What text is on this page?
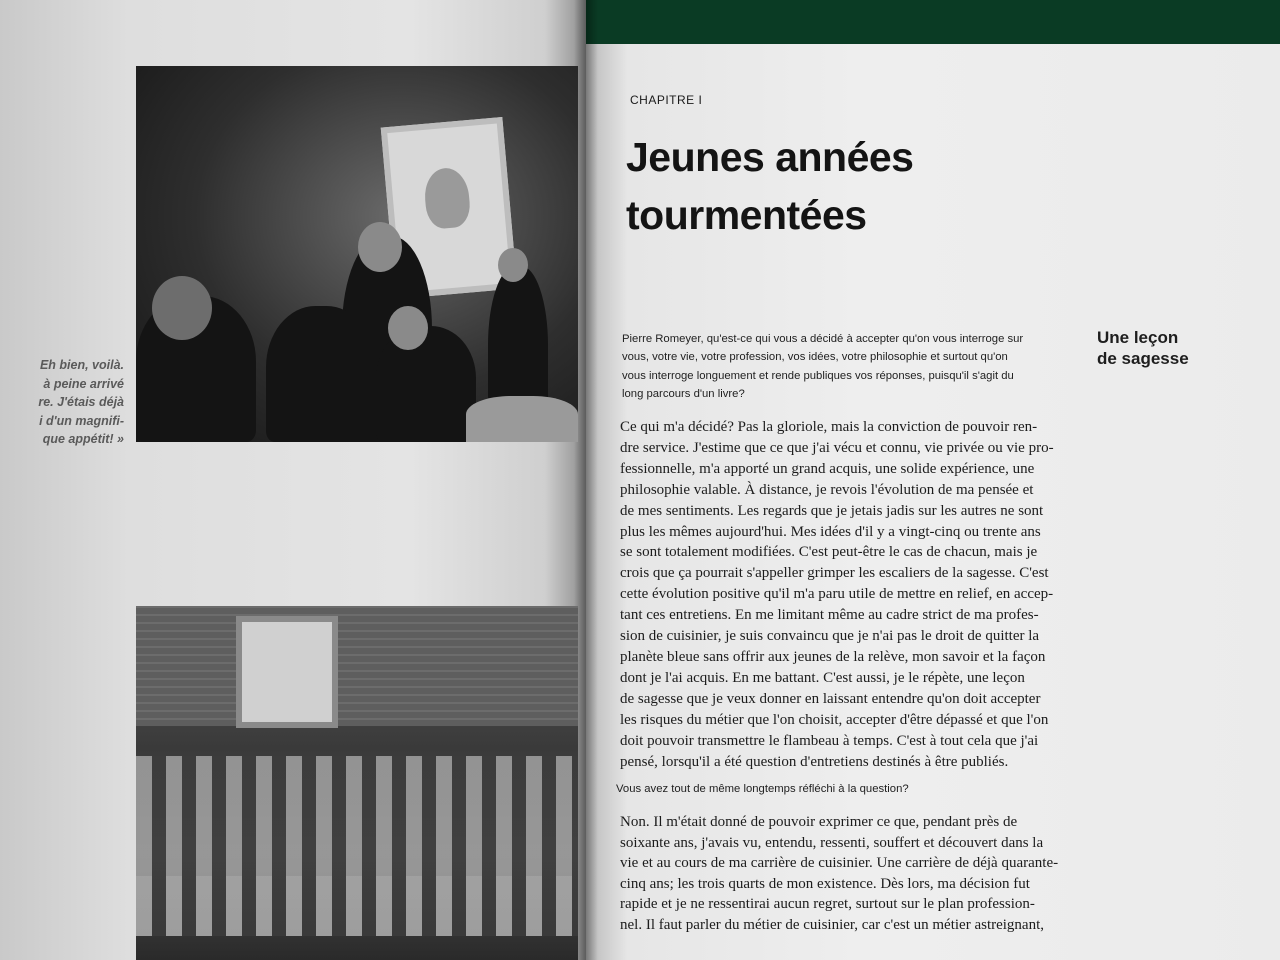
Eh bien, voilà.
à peine arrivé
re. J'étais déjà
i d'un magnifi-
que appétit! »
CHAPITRE I
Jeunes années
tourmentées
Une leçon
de sagesse
Pierre Romeyer, qu'est-ce qui vous a décidé à accepter qu'on vous interroge sur
vous, votre vie, votre profession, vos idées, votre philosophie et surtout qu'on
vous interroge longuement et rende publiques vos réponses, puisqu'il s'agit du
long parcours d'un livre?
Ce qui m'a décidé? Pas la gloriole, mais la conviction de pouvoir ren-
dre service. J'estime que ce que j'ai vécu et connu, vie privée ou vie pro-
fessionnelle, m'a apporté un grand acquis, une solide expérience, une
philosophie valable. À distance, je revois l'évolution de ma pensée et
de mes sentiments. Les regards que je jetais jadis sur les autres ne sont
plus les mêmes aujourd'hui. Mes idées d'il y a vingt-cinq ou trente ans
se sont totalement modifiées. C'est peut-être le cas de chacun, mais je
crois que ça pourrait s'appeller grimper les escaliers de la sagesse. C'est
cette évolution positive qu'il m'a paru utile de mettre en relief, en accep-
tant ces entretiens. En me limitant même au cadre strict de ma profes-
sion de cuisinier, je suis convaincu que je n'ai pas le droit de quitter la
planète bleue sans offrir aux jeunes de la relève, mon savoir et la façon
dont je l'ai acquis. En me battant. C'est aussi, je le répète, une leçon
de sagesse que je veux donner en laissant entendre qu'on doit accepter
les risques du métier que l'on choisit, accepter d'être dépassé et que l'on
doit pouvoir transmettre le flambeau à temps. C'est à tout cela que j'ai
pensé, lorsqu'il a été question d'entretiens destinés à être publiés.
Vous avez tout de même longtemps réfléchi à la question?
Non. Il m'était donné de pouvoir exprimer ce que, pendant près de
soixante ans, j'avais vu, entendu, ressenti, souffert et découvert dans la
vie et au cours de ma carrière de cuisinier. Une carrière de déjà quarante-
cinq ans; les trois quarts de mon existence. Dès lors, ma décision fut
rapide et je ne ressentirai aucun regret, surtout sur le plan profession-
nel. Il faut parler du métier de cuisinier, car c'est un métier astreignant,
